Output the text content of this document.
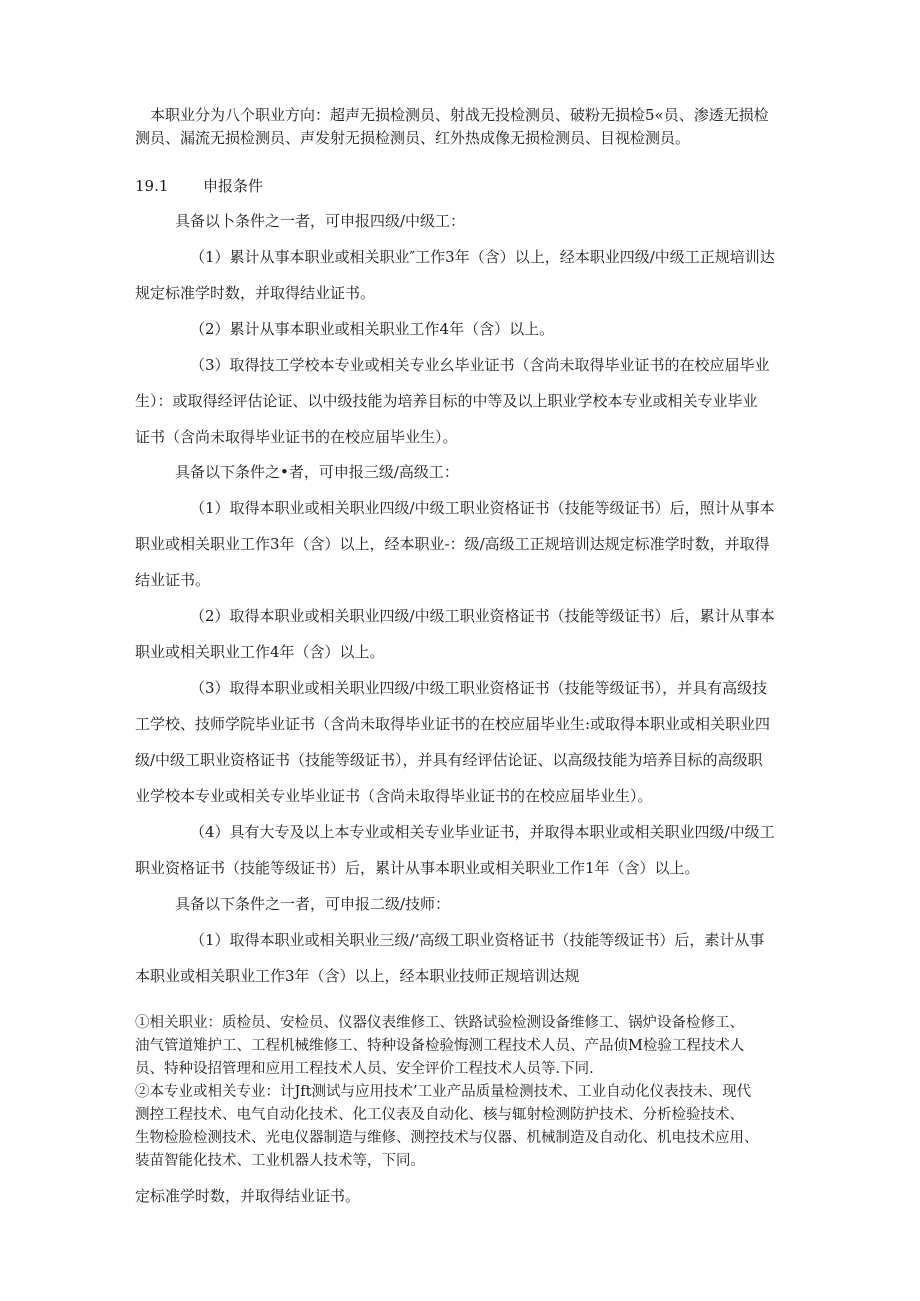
本职业分为八个职业方向：超声无损检测员、射战无投检测员、破粉无损检5«员、渗透无损检

测员、漏流无损检测员、声发射无损检测员、红外热成像无损检测员、目视检测员。

19.1 申报条件

具备以卜条件之一者，可申报四级/中级工：

（1）累计从事本职业或相关职业″工作3年（含）以上，经本职业四级/中级工正规培训达

规定标准学时数，并取得结业证书。

（2）累计从事本职业或相关职业工作4年（含）以上。

（3）取得技工学校本专业或相关专业幺毕业证书（含尚未取得毕业证书的在校应届毕业

生）：或取得经评估论证、以中级技能为培养目标的中等及以上职业学校本专业或相关专业毕业

证书（含尚未取得毕业证书的在校应届毕业生）。

具备以下条件之•者，可申报三级/高级工：

（1）取得本职业或相关职业四级/中级工职业资格证书（技能等级证书）后，照计从事本

职业或相关职业工作3年（含）以上，经本职业-：级/高级工正规培训达规定标准学时数，并取得

结业证书。

（2）取得本职业或相关职业四级/中级工职业资格证书（技能等级证书）后，累计从事本

职业或相关职业工作4年（含）以上。

（3）取得本职业或相关职业四级/中级工职业资格证书（技能等级证书），并具有高级技

工学校、技师学院毕业证书（含尚未取得毕业证书的在校应届毕业生:或取得本职业或相关职业四

级/中级工职业资格证书（技能等级证书），并具有经评估论证、以高级技能为培养目标的高级职

业学校本专业或相关专业毕业证书（含尚未取得毕业证书的在校应届毕业生）。

（4）具有大专及以上本专业或相关专业毕业证书，并取得本职业或相关职业四级/中级工

职业资格证书（技能等级证书）后，累计从事本职业或相关职业工作1年（含）以上。

具备以下条件之一者，可申报二级/技师：

（1）取得本职业或相关职业三级/‘高级工职业资格证书（技能等级证书）后，素计从事

本职业或相关职业工作3年（含）以上，经本职业技师正规培训达规

①相关职业：质检员、安检员、仪器仪表维修工、铁路试验检测设备维修工、锅炉设备检修工、

油气管道雉护工、工程机械维修工、特种设备检验悔测工程技术人员、产品侦M检验工程技术人

员、特种设招管理和应用工程技术人员、安全评价工程技术人员等.下同.

②本专业或相关专业：计Jft测试与应用技术’工业产品质量检测技术、工业自动化仪表技未、现代

测控工程技术、电气自动化技术、化工仪表及自动化、核与辄射检测防护技术、分析检验技术、

生物检脸检测技术、光电仪器制造与维修、测控技术与仪器、机械制造及自动化、机电技术应用、

装苗智能化技术、工业机器人技术等，下同。

定标准学时数，并取得结业证书。
